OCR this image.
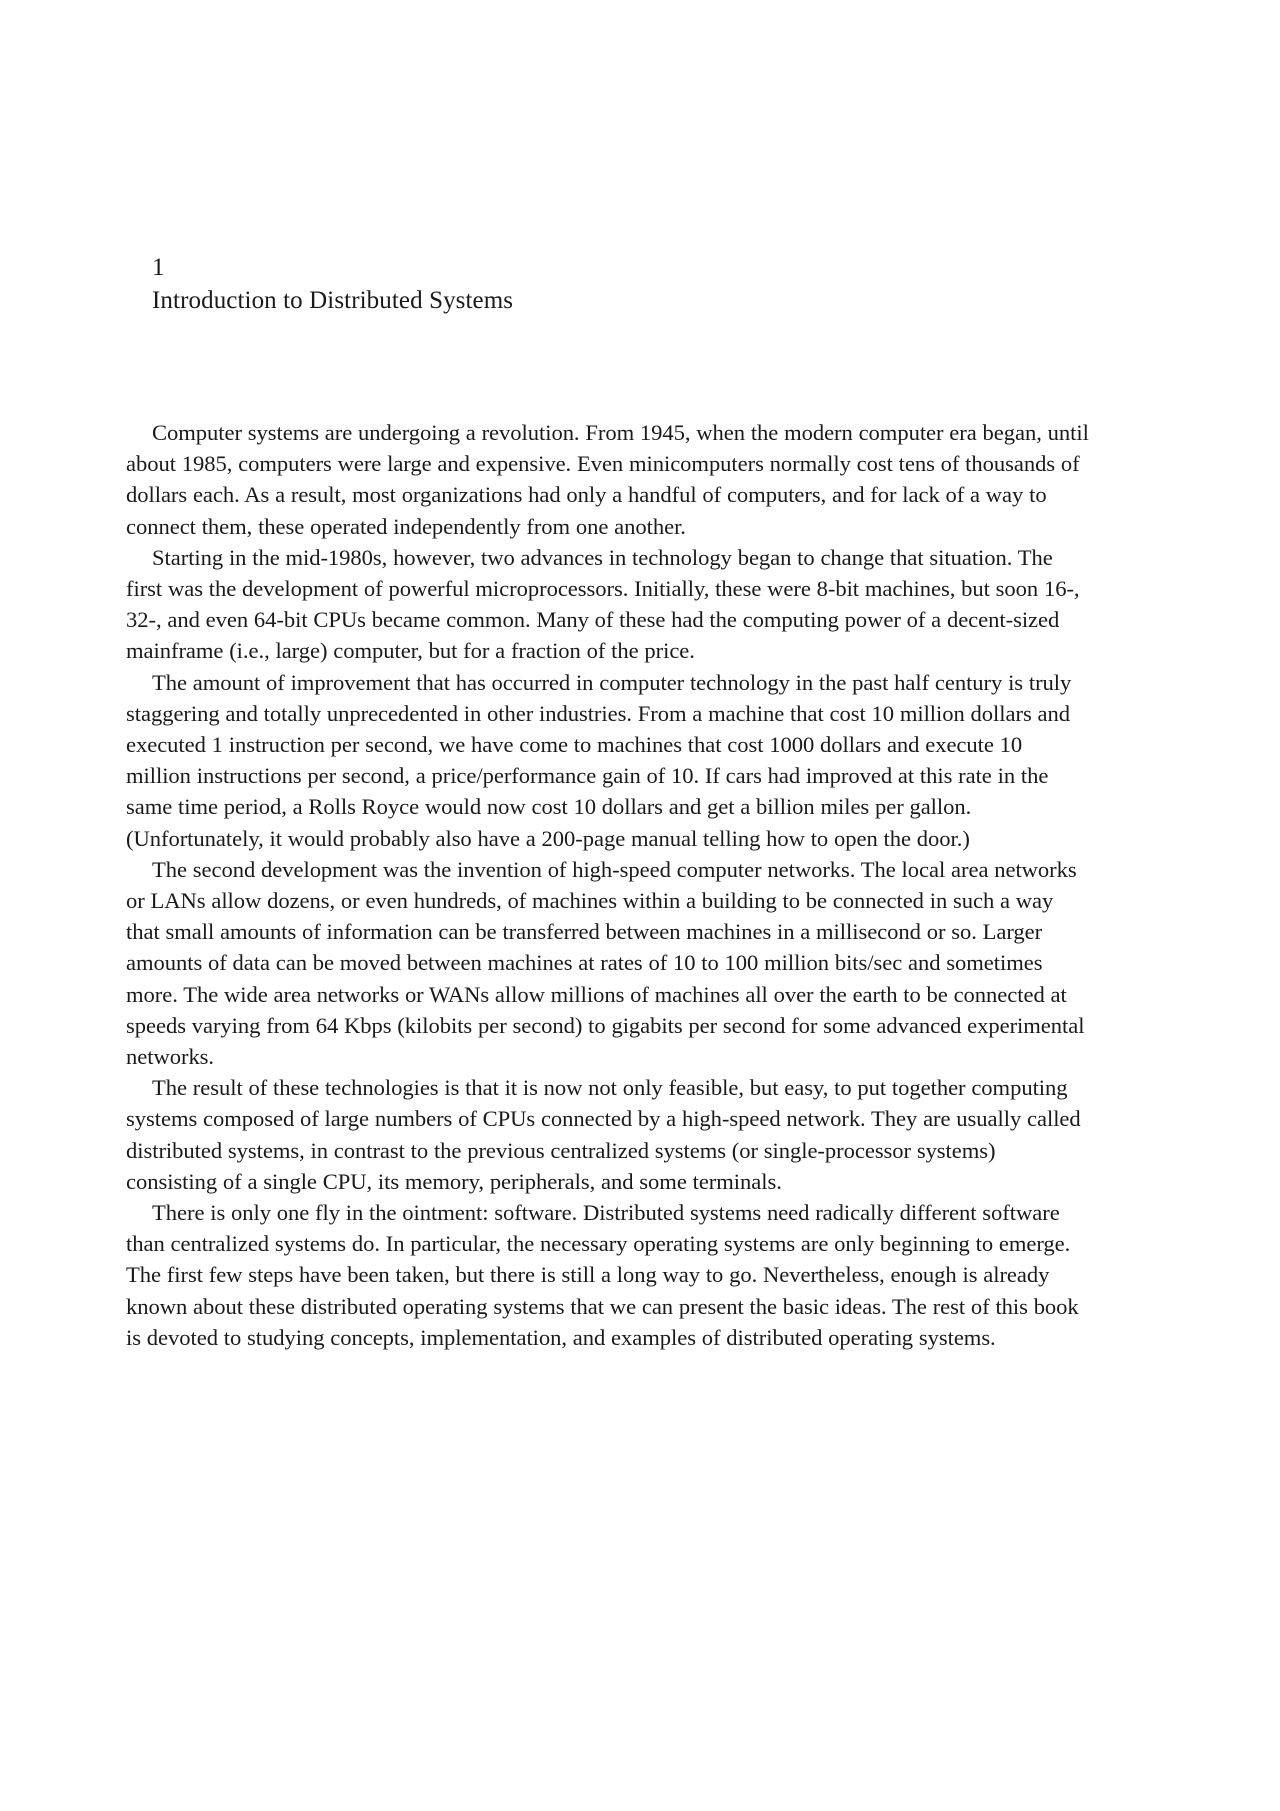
1
Introduction to Distributed Systems

Computer systems are undergoing a revolution. From 1945, when the modern computer era began, until about 1985, computers were large and expensive. Even minicomputers normally cost tens of thousands of dollars each. As a result, most organizations had only a handful of computers, and for lack of a way to connect them, these operated independently from one another.

Starting in the mid-1980s, however, two advances in technology began to change that situation. The first was the development of powerful microprocessors. Initially, these were 8-bit machines, but soon 16-, 32-, and even 64-bit CPUs became common. Many of these had the computing power of a decent-sized mainframe (i.e., large) computer, but for a fraction of the price.

The amount of improvement that has occurred in computer technology in the past half century is truly staggering and totally unprecedented in other industries. From a machine that cost 10 million dollars and executed 1 instruction per second, we have come to machines that cost 1000 dollars and execute 10 million instructions per second, a price/performance gain of 10. If cars had improved at this rate in the same time period, a Rolls Royce would now cost 10 dollars and get a billion miles per gallon. (Unfortunately, it would probably also have a 200-page manual telling how to open the door.)

The second development was the invention of high-speed computer networks. The local area networks or LANs allow dozens, or even hundreds, of machines within a building to be connected in such a way that small amounts of information can be transferred between machines in a millisecond or so. Larger amounts of data can be moved between machines at rates of 10 to 100 million bits/sec and sometimes more. The wide area networks or WANs allow millions of machines all over the earth to be connected at speeds varying from 64 Kbps (kilobits per second) to gigabits per second for some advanced experimental networks.

The result of these technologies is that it is now not only feasible, but easy, to put together computing systems composed of large numbers of CPUs connected by a high-speed network. They are usually called distributed systems, in contrast to the previous centralized systems (or single-processor systems) consisting of a single CPU, its memory, peripherals, and some terminals.

There is only one fly in the ointment: software. Distributed systems need radically different software than centralized systems do. In particular, the necessary operating systems are only beginning to emerge. The first few steps have been taken, but there is still a long way to go. Nevertheless, enough is already known about these distributed operating systems that we can present the basic ideas. The rest of this book is devoted to studying concepts, implementation, and examples of distributed operating systems.
